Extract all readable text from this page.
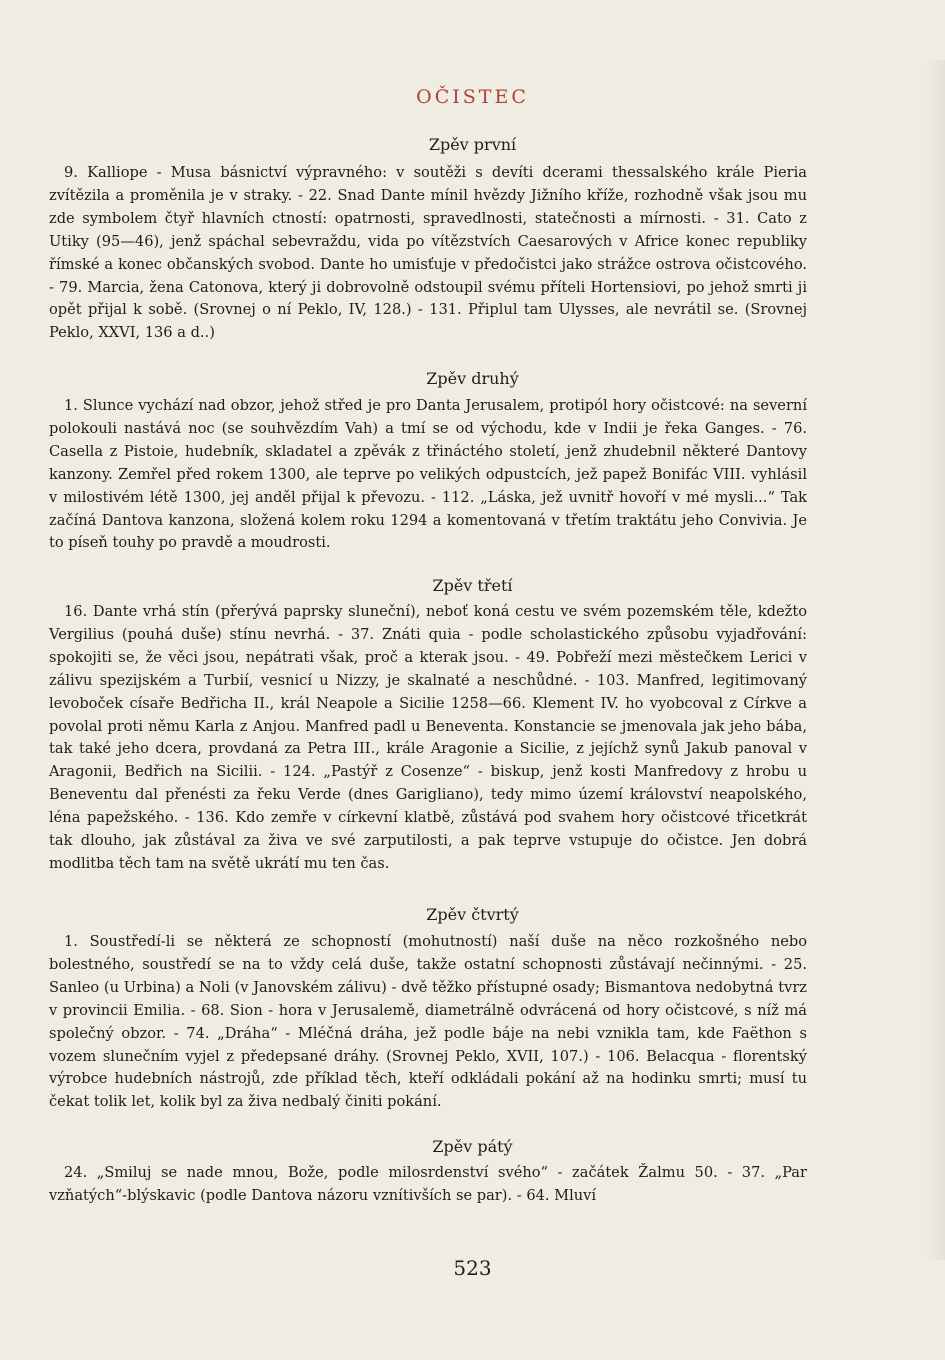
OČISTEC
Zpěv první

9. Kalliope - Musa básnictví výpravného: v soutěži s devíti dcerami thessalského krále Pieria zvítězila a proměnila je v straky. - 22. Snad Dante mínil hvězdy Jižního kříže, rozhodně však jsou mu zde symbolem čtyř hlavních ctností: opatrnosti, spravedlnosti, statečnosti a mírnosti. - 31. Cato z Utiky (95—46), jenž spáchal sebevraždu, vida po vítězstvích Caesarových v Africe konec republiky římské a konec občanských svobod. Dante ho umisťuje v předočistci jako strážce ostrova očistcového. - 79. Marcia, žena Catonova, který ji dobrovolně odstoupil svému příteli Hortensiovi, po jehož smrti ji opět přijal k sobě. (Srovnej o ní Peklo, IV, 128.) - 131. Připlul tam Ulysses, ale nevrátil se. (Srovnej Peklo, XXVI, 136 a d..)

Zpěv druhý

1. Slunce vychází nad obzor, jehož střed je pro Danta Jerusalem, protipól hory očistcové: na severní polokouli nastává noc (se souhvězdím Vah) a tmí se od východu, kde v Indii je řeka Ganges. - 76. Casella z Pistoie, hudebník, skladatel a zpěvák z třináctého století, jenž zhudebnil některé Dantovy kanzony. Zemřel před rokem 1300, ale teprve po velikých odpustcích, jež papež Bonifác VIII. vyhlásil v milostivém létě 1300, jej anděl přijal k převozu. - 112. „Láska, jež uvnitř hovoří v mé mysli...“ Tak začíná Dantova kanzona, složená kolem roku 1294 a komentovaná v třetím traktátu jeho Convivia. Je to píseň touhy po pravdě a moudrosti.

Zpěv třetí

16. Dante vrhá stín (přerývá paprsky sluneční), neboť koná cestu ve svém pozemském těle, kdežto Vergilius (pouhá duše) stínu nevrhá. - 37. Znáti quia - podle scholastického způsobu vyjadřování: spokojiti se, že věci jsou, nepátrati však, proč a kterak jsou. - 49. Pobřeží mezi městečkem Lerici v zálivu spezijském a Turbií, vesnicí u Nizzy, je skalnaté a neschůdné. - 103. Manfred, legitimovaný levoboček císaře Bedřicha II., král Neapole a Sicilie 1258—66. Klement IV. ho vyobcoval z Církve a povolal proti němu Karla z Anjou. Manfred padl u Beneventa. Konstancie se jmenovala jak jeho bába, tak také jeho dcera, provdaná za Petra III., krále Aragonie a Sicilie, z jejíchž synů Jakub panoval v Aragonii, Bedřich na Sicilii. - 124. „Pastýř z Cosenze“ - biskup, jenž kosti Manfredovy z hrobu u Beneventu dal přenésti za řeku Verde (dnes Garigliano), tedy mimo území království neapolského, léna papežského. - 136. Kdo zemře v církevní klatbě, zůstává pod svahem hory očistcové třicetkrát tak dlouho, jak zůstával za živa ve své zarputilosti, a pak teprve vstupuje do očistce. Jen dobrá modlitba těch tam na světě ukrátí mu ten čas.

Zpěv čtvrtý

1. Soustředí-li se některá ze schopností (mohutností) naší duše na něco rozkošného nebo bolestného, soustředí se na to vždy celá duše, takže ostatní schopnosti zůstávají nečinnými. - 25. Sanleo (u Urbina) a Noli (v Janovském zálivu) - dvě těžko přístupné osady; Bismantova nedobytná tvrz v provincii Emilia. - 68. Sion - hora v Jerusalemě, diametrálně odvrácená od hory očistcové, s níž má společný obzor. - 74. „Dráha“ - Mléčná dráha, jež podle báje na nebi vznikla tam, kde Faëthon s vozem slunečním vyjel z předepsané dráhy. (Srovnej Peklo, XVII, 107.) - 106. Belacqua - florentský výrobce hudebních nástrojů, zde příklad těch, kteří odkládali pokání až na hodinku smrti; musí tu čekat tolik let, kolik byl za živa nedbalý činiti pokání.

Zpěv pátý

24. „Smiluj se nade mnou, Bože, podle milosrdenství svého“ - začátek Žalmu 50. - 37. „Par vzňatých“-blýskavic (podle Dantova názoru vznítivších se par). - 64. Mluví

523
